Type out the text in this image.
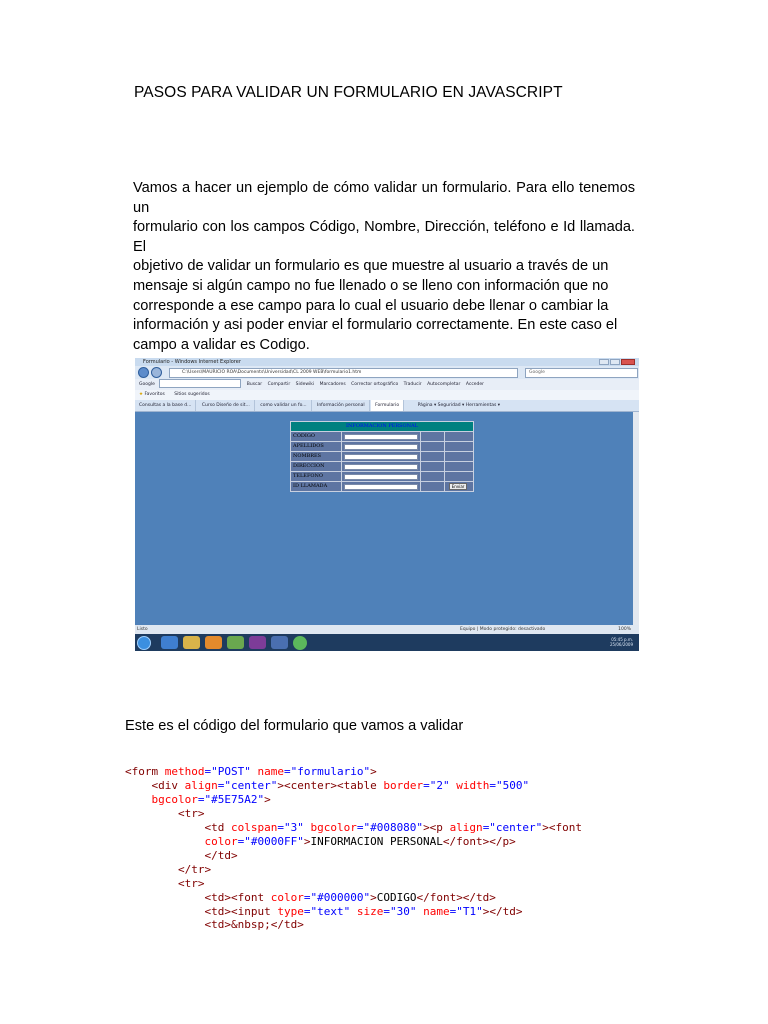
PASOS PARA VALIDAR UN FORMULARIO EN JAVASCRIPT
Vamos a hacer un ejemplo de cómo validar un formulario. Para ello tenemos un
formulario con los campos Código, Nombre, Dirección, teléfono e Id llamada. El
objetivo de validar un formulario es que muestre al usuario a través de un
mensaje si algún campo no fue llenado o se lleno con información que no
corresponde a ese campo para lo cual el usuario debe llenar o cambiar la
información y asi poder enviar el formulario correctamente. En este caso el
campo a validar es Codigo.
Formulario - Windows Internet Explorer
C:\Users\MAURICIO ROA\Documents\Universidad\CL 2009 WEB\formulario1.htm	Google
Google	Buscar Compartir Sidewiki Marcadores Corrector ortográfico Traducir Autocompletar Acceder
★ Favoritos Sitios sugeridos
Consultas a la base d... Curso Diseño de sit... como validar un fo... Información personal Formulario	Página ▾ Seguridad ▾ Herramientas ▾
INFORMACION PERSONAL			
CODIGO	

APELLIDOS	

NOMBRES	

DIRECCION	

TELEFONO	

ID LLAMADA			Enviar
Listo	Equipo | Modo protegido: desactivado	100%
05:45 p.m.
25/06/2009
Este es el código del formulario que vamos a validar
<form method="POST" name="formulario">
<div align="center"><center><table border="2" width="500"
bgcolor="#5E75A2">
<tr>
<td colspan="3" bgcolor="#008080"><p align="center"><font
color="#0000FF">INFORMACION PERSONAL</font></p>
</td>
</tr>
<tr>
<td><font color="#000000">CODIGO</font></td>
<td><input type="text" size="30" name="T1"></td>
<td>&nbsp;</td>
